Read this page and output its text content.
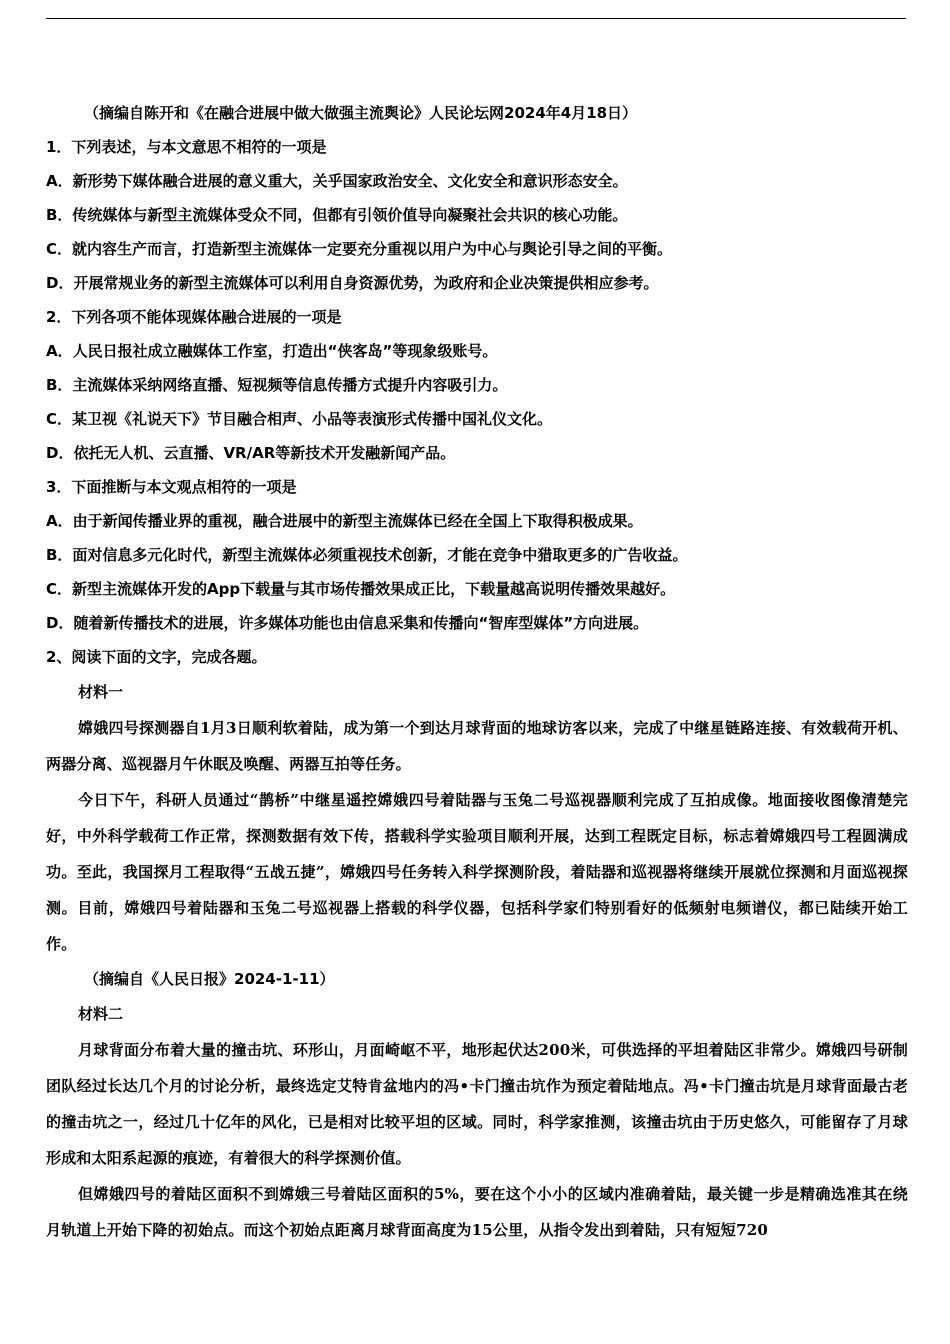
（摘编自陈开和《在融合进展中做大做强主流舆论》人民论坛网2024年4月18日）
1．下列表述，与本文意思不相符的一项是
A．新形势下媒体融合进展的意义重大，关乎国家政治安全、文化安全和意识形态安全。
B．传统媒体与新型主流媒体受众不同，但都有引领价值导向凝聚社会共识的核心功能。
C．就内容生产而言，打造新型主流媒体一定要充分重视以用户为中心与舆论引导之间的平衡。
D．开展常规业务的新型主流媒体可以利用自身资源优势，为政府和企业决策提供相应参考。
2．下列各项不能体现媒体融合进展的一项是
A．人民日报社成立融媒体工作室，打造出“侠客岛”等现象级账号。
B．主流媒体采纳网络直播、短视频等信息传播方式提升内容吸引力。
C．某卫视《礼说天下》节目融合相声、小品等表演形式传播中国礼仪文化。
D．依托无人机、云直播、VR/AR等新技术开发融新闻产品。
3．下面推断与本文观点相符的一项是
A．由于新闻传播业界的重视，融合进展中的新型主流媒体已经在全国上下取得积极成果。
B．面对信息多元化时代，新型主流媒体必须重视技术创新，才能在竞争中猎取更多的广告收益。
C．新型主流媒体开发的App下载量与其市场传播效果成正比，下载量越高说明传播效果越好。
D．随着新传播技术的进展，许多媒体功能也由信息采集和传播向“智库型媒体”方向进展。
2、阅读下面的文字，完成各题。
材料一
嫦娥四号探测器自1月3日顺利软着陆，成为第一个到达月球背面的地球访客以来，完成了中继星链路连接、有效载荷开机、两器分离、巡视器月午休眠及唤醒、两器互拍等任务。
今日下午，科研人员通过“鹊桥”中继星遥控嫦娥四号着陆器与玉兔二号巡视器顺利完成了互拍成像。地面接收图像清楚完好，中外科学载荷工作正常，探测数据有效下传，搭载科学实验项目顺利开展，达到工程既定目标，标志着嫦娥四号工程圆满成功。至此，我国探月工程取得“五战五捷”，嫦娥四号任务转入科学探测阶段，着陆器和巡视器将继续开展就位探测和月面巡视探测。目前，嫦娥四号着陆器和玉兔二号巡视器上搭载的科学仪器，包括科学家们特别看好的低频射电频谱仪，都已陆续开始工作。
（摘编自《人民日报》2024-1-11）
材料二
月球背面分布着大量的撞击坑、环形山，月面崎岖不平，地形起伏达200米，可供选择的平坦着陆区非常少。嫦娥四号研制团队经过长达几个月的讨论分析，最终选定艾特肯盆地内的冯•卡门撞击坑作为预定着陆地点。冯•卡门撞击坑是月球背面最古老的撞击坑之一，经过几十亿年的风化，已是相对比较平坦的区域。同时，科学家推测，该撞击坑由于历史悠久，可能留存了月球形成和太阳系起源的痕迹，有着很大的科学探测价值。
但嫦娥四号的着陆区面积不到嫦娥三号着陆区面积的5%，要在这个小小的区域内准确着陆，最关键一步是精确选准其在绕月轨道上开始下降的初始点。而这个初始点距离月球背面高度为15公里，从指令发出到着陆，只有短短720
